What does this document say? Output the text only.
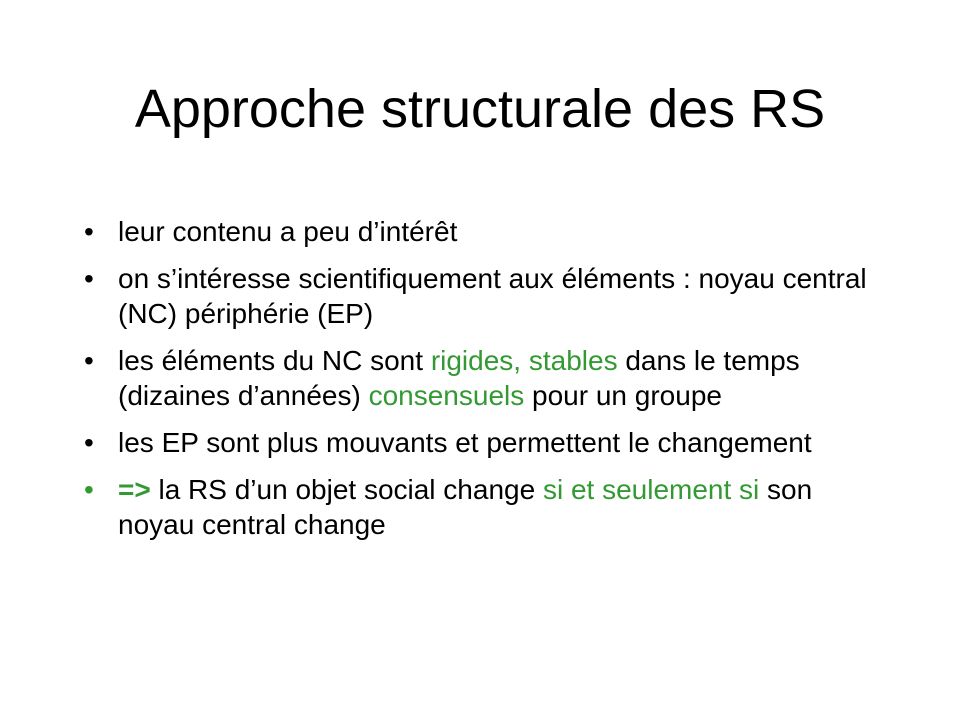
Approche structurale des RS
• leur contenu a peu d’intérêt
• on s’intéresse scientifiquement aux éléments : noyau central (NC) périphérie (EP)
• les éléments du NC sont rigides, stables dans le temps (dizaines d’années) consensuels pour un groupe
• les EP sont plus mouvants et permettent le changement
• => la RS d’un objet social change si et seulement si son noyau central change
